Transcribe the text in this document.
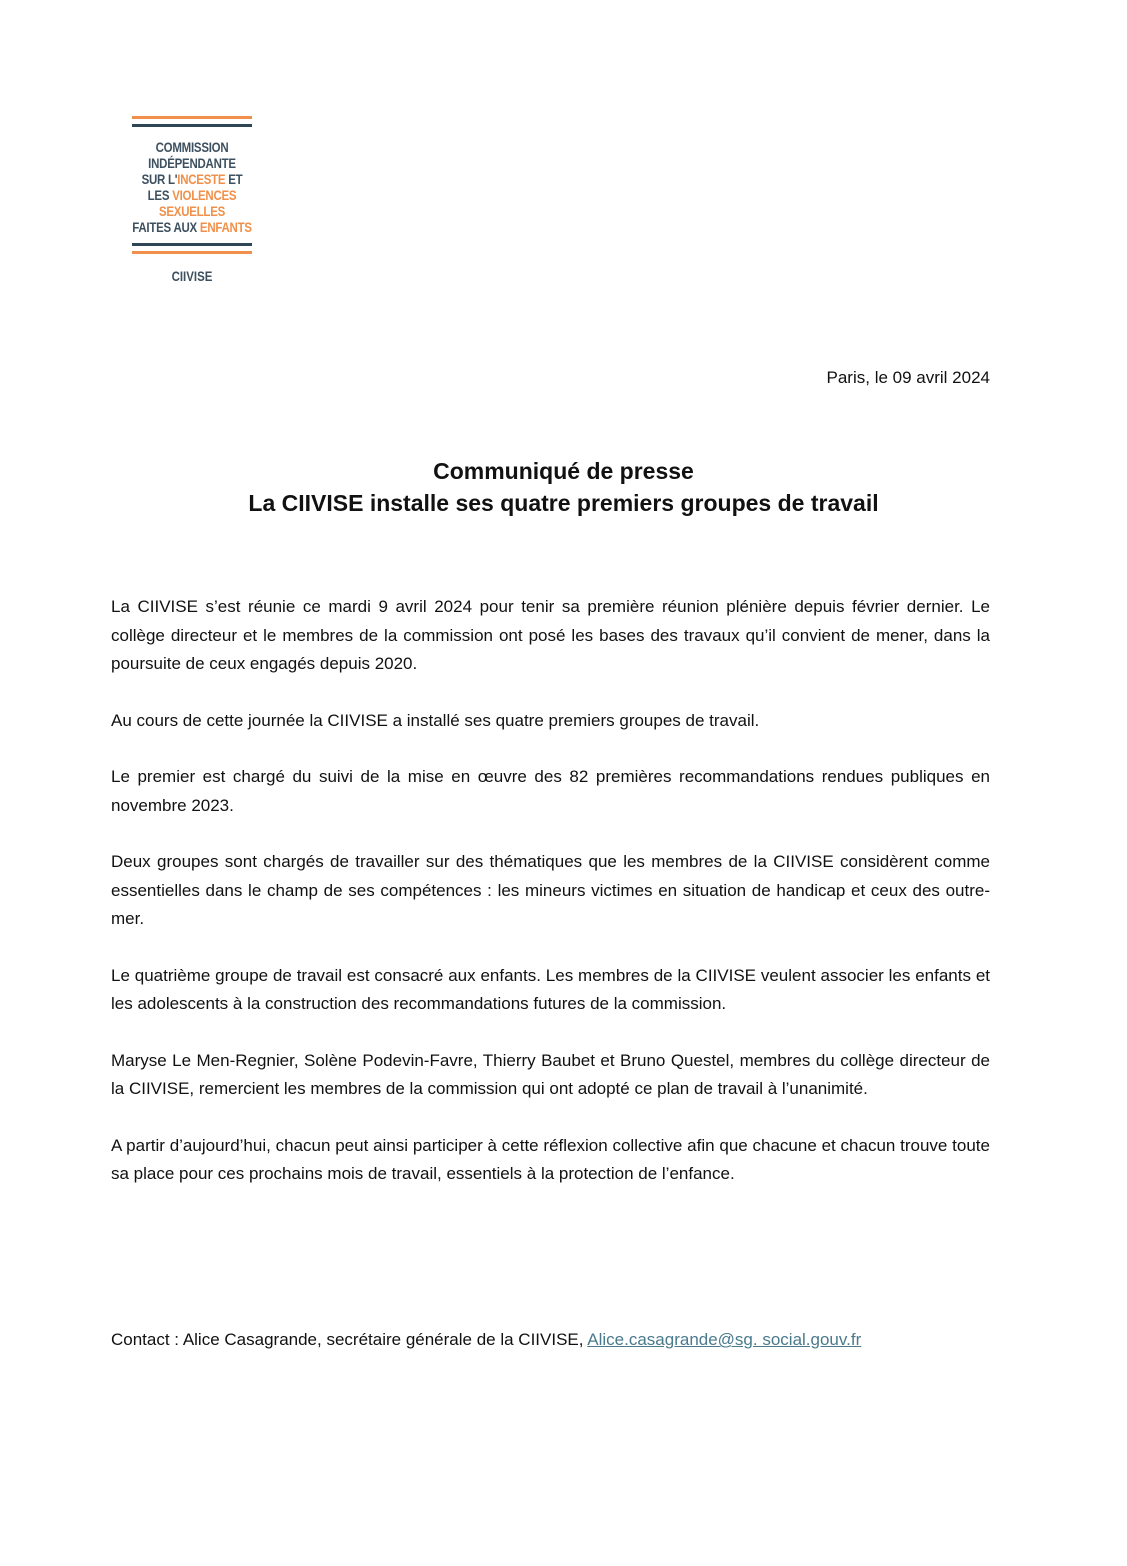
COMMISSION
INDÉPENDANTE
SUR L'INCESTE ET
LES VIOLENCES
SEXUELLES
FAITES AUX ENFANTS
CIIVISE
Paris, le 09 avril 2024
Communiqué de presse
La CIIVISE installe ses quatre premiers groupes de travail

La CIIVISE s’est réunie ce mardi 9 avril 2024 pour tenir sa première réunion plénière depuis février dernier. Le collège directeur et le membres de la commission ont posé les bases des travaux qu’il convient de mener, dans la poursuite de ceux engagés depuis 2020.

Au cours de cette journée la CIIVISE a installé ses quatre premiers groupes de travail.

Le premier est chargé du suivi de la mise en œuvre des 82 premières recommandations rendues publiques en novembre 2023.

Deux groupes sont chargés de travailler sur des thématiques que les membres de la CIIVISE considèrent comme essentielles dans le champ de ses compétences : les mineurs victimes en situation de handicap et ceux des outre-mer.

Le quatrième groupe de travail est consacré aux enfants. Les membres de la CIIVISE veulent associer les enfants et les adolescents à la construction des recommandations futures de la commission.

Maryse Le Men-Regnier, Solène Podevin-Favre, Thierry Baubet et Bruno Questel, membres du collège directeur de la CIIVISE, remercient les membres de la commission qui ont adopté ce plan de travail à l’unanimité.

A partir d’aujourd’hui, chacun peut ainsi participer à cette réflexion collective afin que chacune et chacun trouve toute sa place pour ces prochains mois de travail, essentiels à la protection de l’enfance.

Contact : Alice Casagrande, secrétaire générale de la CIIVISE, Alice.casagrande@sg. social.gouv.fr
